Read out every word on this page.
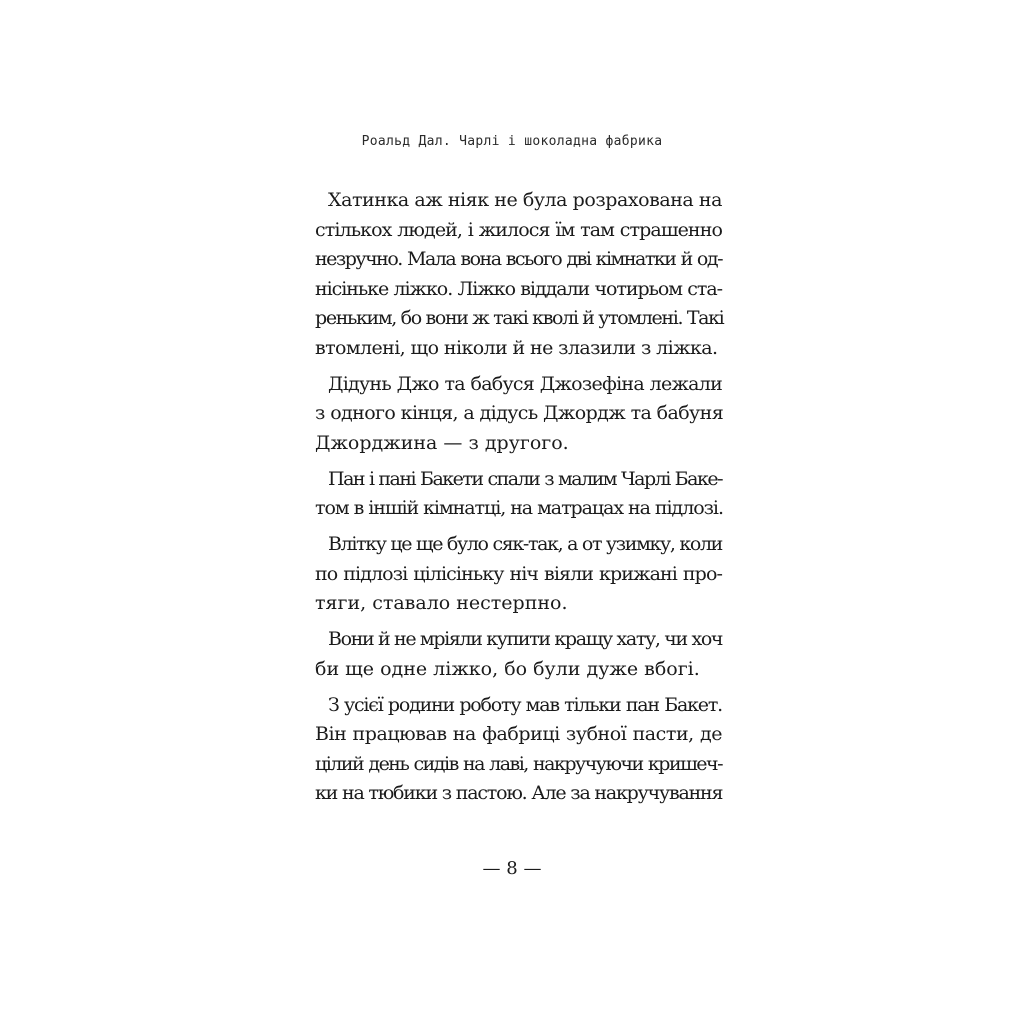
Роальд Дал. Чарлі і шоколадна фабрика
Хатинка аж ніяк не була розрахована на
стількох людей, і жилося їм там страшенно
незручно. Мала вона всього дві кімнатки й од-
нісіньке ліжко. Ліжко віддали чотирьом ста-
реньким, бо вони ж такі кволі й утомлені. Такі
втомлені, що ніколи й не злазили з ліжка.
Дідунь Джо та бабуся Джозефіна лежали
з одного кінця, а дідусь Джордж та бабуня
Джорджина — з другого.
Пан і пані Бакети спали з малим Чарлі Бакe-
том в іншій кімнатці, на матрацах на підлозі.
Влітку це ще було сяк-так, а от узимку, коли
по підлозі цілісіньку ніч віяли крижані про-
тяги, ставало нестерпно.
Вони й не мріяли купити кращу хату, чи хоч
би ще одне ліжко, бо були дуже вбогі.
З усієї родини роботу мав тільки пан Бакет.
Він працював на фабриці зубної пасти, де
цілий день сидів на лаві, накручуючи кришеч-
ки на тюбики з пастою. Але за накручування
— 8 —
